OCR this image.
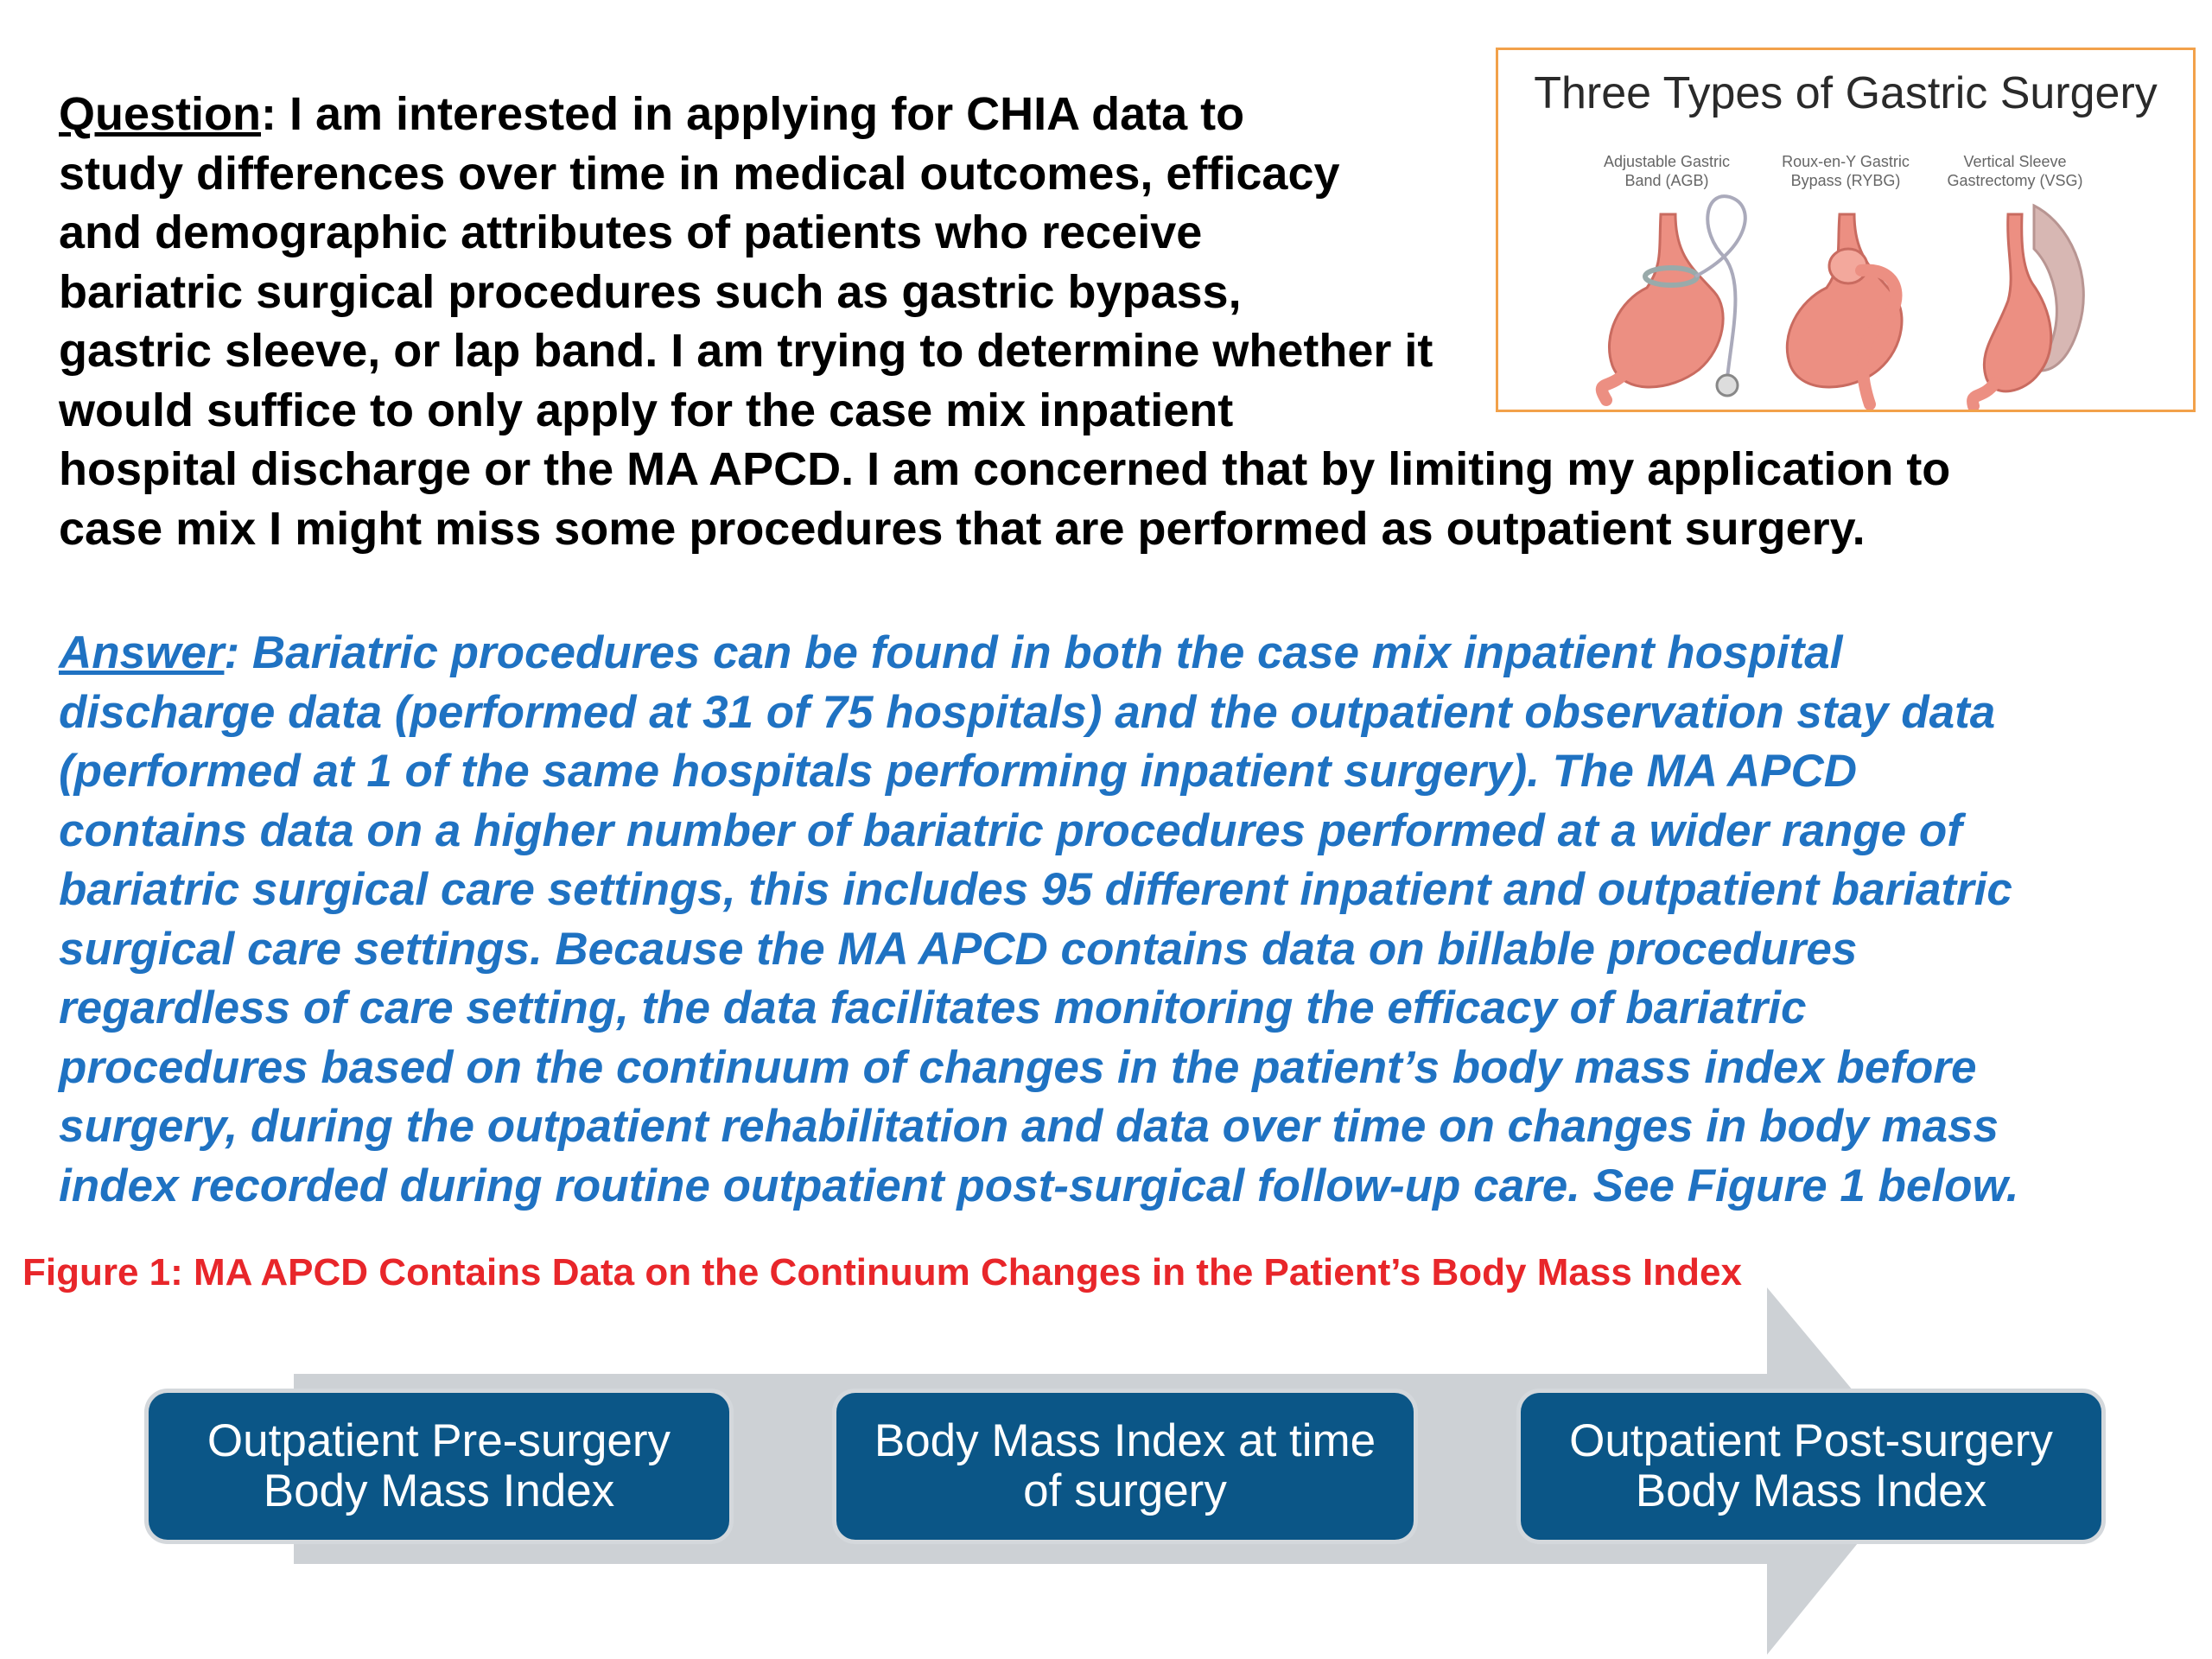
Question: I am interested in applying for CHIA data to
study differences over time in medical outcomes, efficacy
and demographic attributes of patients who receive
bariatric surgical procedures such as gastric bypass,
gastric sleeve, or lap band. I am trying to determine whether it
would suffice to only apply for the case mix inpatient
hospital discharge or the MA APCD. I am concerned that by limiting my application to
case mix I might miss some procedures that are performed as outpatient surgery.
Three Types of Gastric Surgery
Adjustable Gastric
Band (AGB)
Roux-en-Y Gastric
Bypass (RYBG)
Vertical Sleeve
Gastrectomy (VSG)
Answer: Bariatric procedures can be found in both the case mix inpatient hospital
discharge data (performed at 31 of 75 hospitals) and the outpatient observation stay data
(performed at 1 of the same hospitals performing inpatient surgery). The MA APCD
contains data on a higher number of bariatric procedures performed at a wider range of
bariatric surgical care settings, this includes 95 different inpatient and outpatient bariatric
surgical care settings. Because the MA APCD contains data on billable procedures
regardless of care setting, the data facilitates monitoring the efficacy of bariatric
procedures based on the continuum of changes in the patient’s body mass index before
surgery, during the outpatient rehabilitation and data over time on changes in body mass
index recorded during routine outpatient post-surgical follow-up care. See Figure 1 below.
Figure 1: MA APCD Contains Data on the Continuum Changes in the Patient’s Body Mass Index
Outpatient Pre-surgery
Body Mass Index
Body Mass Index at time
of surgery
Outpatient Post-surgery
Body Mass Index
